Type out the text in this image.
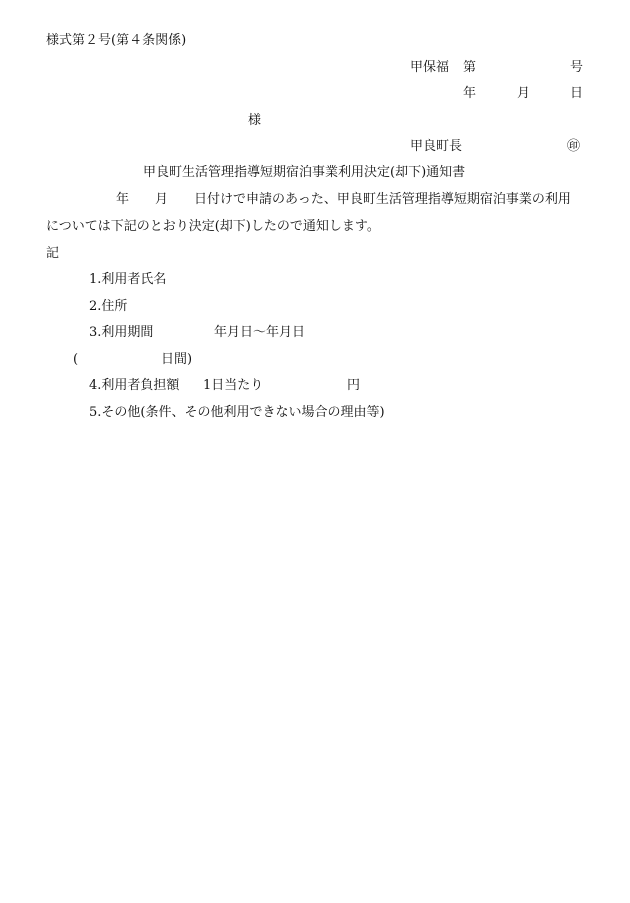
様式第２号(第４条関係)
甲保福 第	号
年	月	日
様
甲良町長	㊞
甲良町生活管理指導短期宿泊事業利用決定(却下)通知書
年 月 日付けで申請のあった、甲良町生活管理指導短期宿泊事業の利用
については下記のとおり決定(却下)したので通知します。
記
1.利用者氏名
2.住所
3.利用期間	年月日～年月日
(	日間)
4.利用者負担額 1日当たり	円
5.その他(条件、その他利用できない場合の理由等)
